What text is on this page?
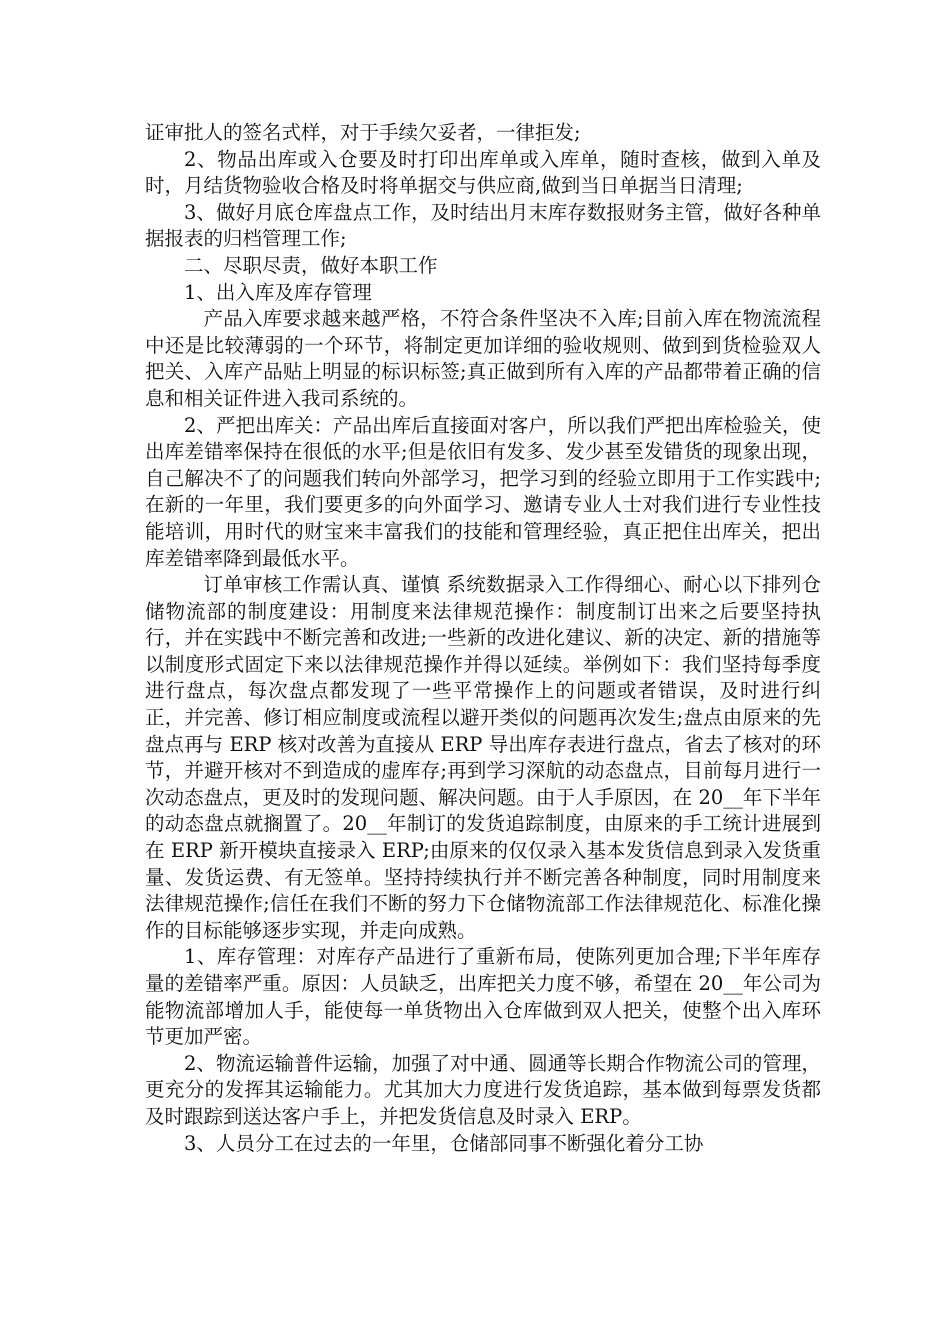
证审批人的签名式样，对于手续欠妥者，一律拒发;

2、物品出库或入仓要及时打印出库单或入库单，随时查核，做到入单及时，月结货物验收合格及时将单据交与供应商,做到当日单据当日清理;

3、做好月底仓库盘点工作，及时结出月末库存数报财务主管，做好各种单据报表的归档管理工作;

二、尽职尽责，做好本职工作

1、出入库及库存管理

产品入库要求越来越严格，不符合条件坚决不入库;目前入库在物流流程中还是比较薄弱的一个环节，将制定更加详细的验收规则、做到到货检验双人把关、入库产品贴上明显的标识标签;真正做到所有入库的产品都带着正确的信息和相关证件进入我司系统的。

2、严把出库关：产品出库后直接面对客户，所以我们严把出库检验关，使出库差错率保持在很低的水平;但是依旧有发多、发少甚至发错货的现象出现，自己解决不了的问题我们转向外部学习，把学习到的经验立即用于工作实践中;在新的一年里，我们要更多的向外面学习、邀请专业人士对我们进行专业性技能培训，用时代的财宝来丰富我们的技能和管理经验，真正把住出库关，把出库差错率降到最低水平。

订单审核工作需认真、谨慎 系统数据录入工作得细心、耐心以下排列仓储物流部的制度建设：用制度来法律规范操作：制度制订出来之后要坚持执行，并在实践中不断完善和改进;一些新的改进化建议、新的决定、新的措施等以制度形式固定下来以法律规范操作并得以延续。举例如下：我们坚持每季度进行盘点，每次盘点都发现了一些平常操作上的问题或者错误，及时进行纠正，并完善、修订相应制度或流程以避开类似的问题再次发生;盘点由原来的先盘点再与 ERP 核对改善为直接从 ERP 导出库存表进行盘点，省去了核对的环节，并避开核对不到造成的虚库存;再到学习深航的动态盘点，目前每月进行一次动态盘点，更及时的发现问题、解决问题。由于人手原因，在 20__年下半年的动态盘点就搁置了。20__年制订的发货追踪制度，由原来的手工统计进展到在 ERP 新开模块直接录入 ERP;由原来的仅仅录入基本发货信息到录入发货重量、发货运费、有无签单。坚持持续执行并不断完善各种制度，同时用制度来法律规范操作;信任在我们不断的努力下仓储物流部工作法律规范化、标准化操作的目标能够逐步实现，并走向成熟。

1、库存管理：对库存产品进行了重新布局，使陈列更加合理;下半年库存量的差错率严重。原因：人员缺乏，出库把关力度不够，希望在 20__年公司为能物流部增加人手，能使每一单货物出入仓库做到双人把关，使整个出入库环节更加严密。

2、物流运输普件运输，加强了对中通、圆通等长期合作物流公司的管理，更充分的发挥其运输能力。尤其加大力度进行发货追踪，基本做到每票发货都及时跟踪到送达客户手上，并把发货信息及时录入 ERP。

3、人员分工在过去的一年里，仓储部同事不断强化着分工协
